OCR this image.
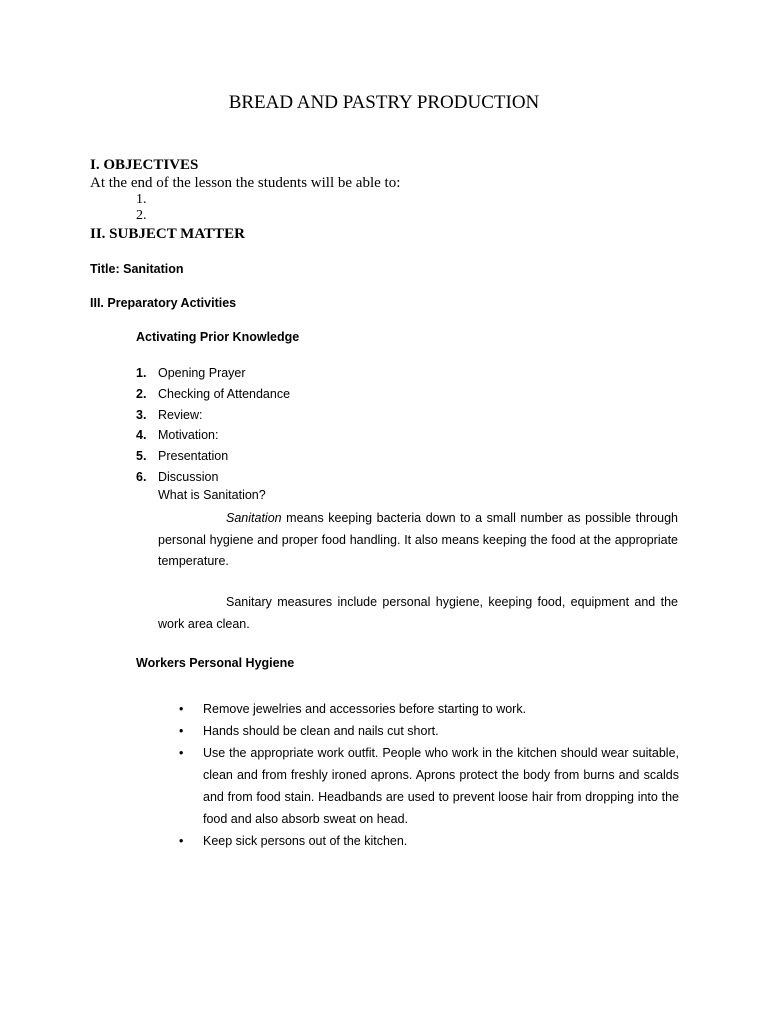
BREAD AND PASTRY PRODUCTION
I. OBJECTIVES
At the end of the lesson the students will be able to:
1.
2.
II. SUBJECT MATTER
Title: Sanitation
III. Preparatory Activities
Activating Prior Knowledge
1. Opening Prayer
2. Checking of Attendance
3. Review:
4. Motivation:
5. Presentation
6. Discussion
What is Sanitation?

Sanitation means keeping bacteria down to a small number as possible through personal hygiene and proper food handling. It also means keeping the food at the appropriate temperature.

Sanitary measures include personal hygiene, keeping food, equipment and the work area clean.

Workers Personal Hygiene
• Remove jewelries and accessories before starting to work.
• Hands should be clean and nails cut short.
• Use the appropriate work outfit. People who work in the kitchen should wear suitable, clean and from freshly ironed aprons. Aprons protect the body from burns and scalds and from food stain. Headbands are used to prevent loose hair from dropping into the food and also absorb sweat on head.
• Keep sick persons out of the kitchen.
